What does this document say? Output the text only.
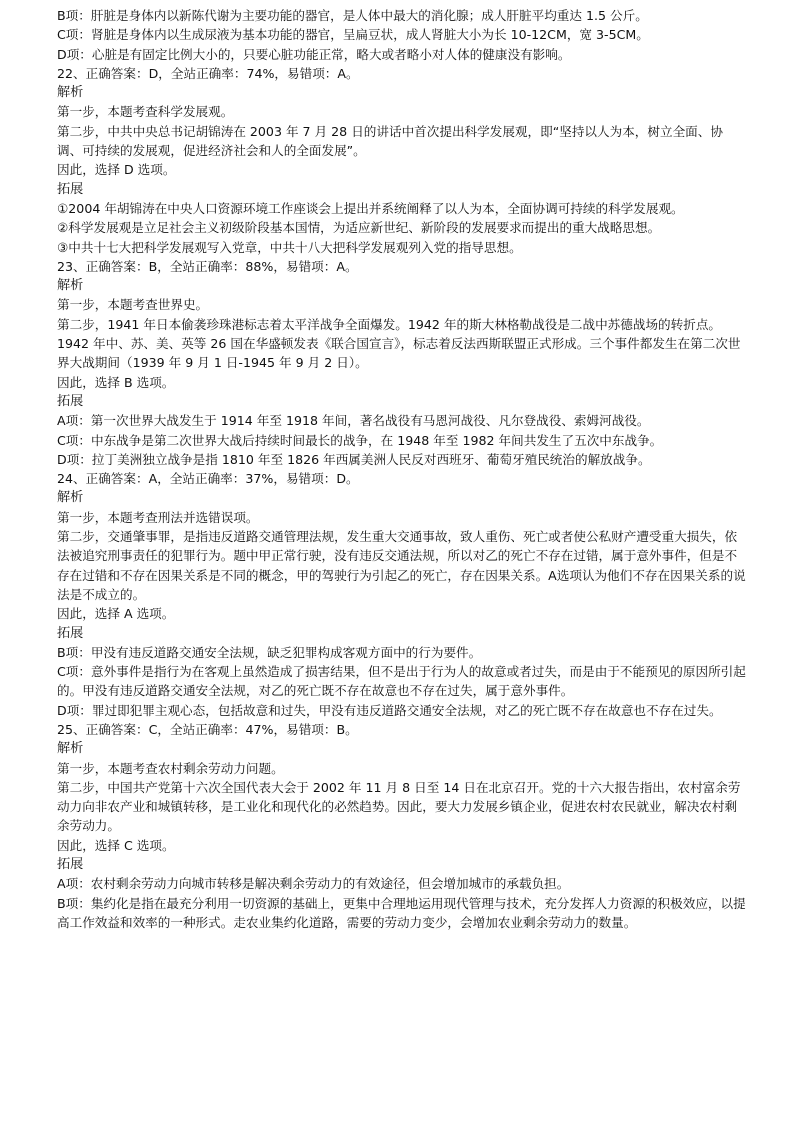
B项：肝脏是身体内以新陈代谢为主要功能的器官，是人体中最大的消化腺；成人肝脏平均重达 1.5 公斤。

C项：肾脏是身体内以生成尿液为基本功能的器官，呈扁豆状，成人肾脏大小为长 10-12CM，宽 3-5CM。

D项：心脏是有固定比例大小的，只要心脏功能正常，略大或者略小对人体的健康没有影响。

22、正确答案：D，全站正确率：74%，易错项：A。

解析

第一步，本题考查科学发展观。

第二步，中共中央总书记胡锦涛在 2003 年 7 月 28 日的讲话中首次提出科学发展观，即“坚持以人为本，树立全面、协调、可持续的发展观，促进经济社会和人的全面发展”。

因此，选择 D 选项。

拓展

①2004 年胡锦涛在中央人口资源环境工作座谈会上提出并系统阐释了以人为本，全面协调可持续的科学发展观。

②科学发展观是立足社会主义初级阶段基本国情，为适应新世纪、新阶段的发展要求而提出的重大战略思想。

③中共十七大把科学发展观写入党章，中共十八大把科学发展观列入党的指导思想。

23、正确答案：B，全站正确率：88%，易错项：A。

解析

第一步，本题考查世界史。

第二步，1941 年日本偷袭珍珠港标志着太平洋战争全面爆发。1942 年的斯大林格勒战役是二战中苏德战场的转折点。1942 年中、苏、美、英等 26 国在华盛顿发表《联合国宣言》，标志着反法西斯联盟正式形成。三个事件都发生在第二次世界大战期间（1939 年 9 月 1 日-1945 年 9 月 2 日）。

因此，选择 B 选项。

拓展

A项：第一次世界大战发生于 1914 年至 1918 年间，著名战役有马恩河战役、凡尔登战役、索姆河战役。

C项：中东战争是第二次世界大战后持续时间最长的战争，在 1948 年至 1982 年间共发生了五次中东战争。

D项：拉丁美洲独立战争是指 1810 年至 1826 年西属美洲人民反对西班牙、葡萄牙殖民统治的解放战争。

24、正确答案：A，全站正确率：37%，易错项：D。

解析

第一步，本题考查刑法并选错误项。

第二步，交通肇事罪，是指违反道路交通管理法规，发生重大交通事故，致人重伤、死亡或者使公私财产遭受重大损失，依法被追究刑事责任的犯罪行为。题中甲正常行驶，没有违反交通法规，所以对乙的死亡不存在过错，属于意外事件，但是不存在过错和不存在因果关系是不同的概念，甲的驾驶行为引起乙的死亡，存在因果关系。A选项认为他们不存在因果关系的说法是不成立的。

因此，选择 A 选项。

拓展

B项：甲没有违反道路交通安全法规，缺乏犯罪构成客观方面中的行为要件。

C项：意外事件是指行为在客观上虽然造成了损害结果，但不是出于行为人的故意或者过失，而是由于不能预见的原因所引起的。甲没有违反道路交通安全法规，对乙的死亡既不存在故意也不存在过失，属于意外事件。

D项：罪过即犯罪主观心态，包括故意和过失，甲没有违反道路交通安全法规，对乙的死亡既不存在故意也不存在过失。

25、正确答案：C，全站正确率：47%，易错项：B。

解析

第一步，本题考查农村剩余劳动力问题。

第二步，中国共产党第十六次全国代表大会于 2002 年 11 月 8 日至 14 日在北京召开。党的十六大报告指出，农村富余劳动力向非农产业和城镇转移，是工业化和现代化的必然趋势。因此，要大力发展乡镇企业，促进农村农民就业，解决农村剩余劳动力。

因此，选择 C 选项。

拓展

A项：农村剩余劳动力向城市转移是解决剩余劳动力的有效途径，但会增加城市的承载负担。

B项：集约化是指在最充分利用一切资源的基础上，更集中合理地运用现代管理与技术，充分发挥人力资源的积极效应，以提高工作效益和效率的一种形式。走农业集约化道路，需要的劳动力变少，会增加农业剩余劳动力的数量。
